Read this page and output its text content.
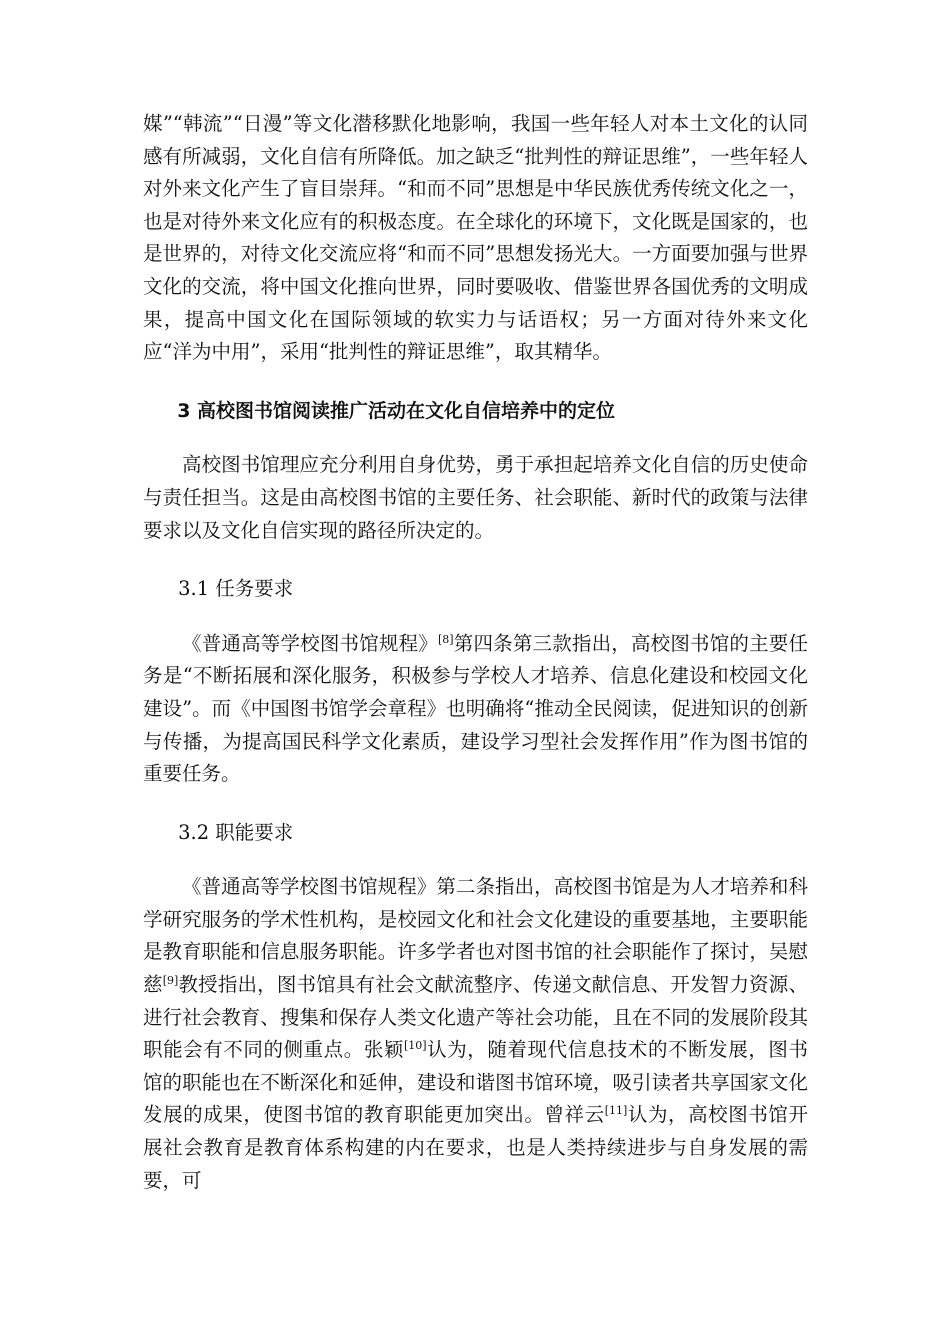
媒”“韩流”“日漫”等文化潜移默化地影响，我国一些年轻人对本土文化的认同感有所减弱，文化自信有所降低。加之缺乏“批判性的辩证思维”，一些年轻人对外来文化产生了盲目崇拜。“和而不同”思想是中华民族优秀传统文化之一，也是对待外来文化应有的积极态度。在全球化的环境下，文化既是国家的，也是世界的，对待文化交流应将“和而不同”思想发扬光大。一方面要加强与世界文化的交流，将中国文化推向世界，同时要吸收、借鉴世界各国优秀的文明成果，提高中国文化在国际领域的软实力与话语权；另一方面对待外来文化应“洋为中用”，采用“批判性的辩证思维”，取其精华。

3 高校图书馆阅读推广活动在文化自信培养中的定位

高校图书馆理应充分利用自身优势，勇于承担起培养文化自信的历史使命与责任担当。这是由高校图书馆的主要任务、社会职能、新时代的政策与法律要求以及文化自信实现的路径所决定的。

3.1 任务要求

《普通高等学校图书馆规程》[8]第四条第三款指出，高校图书馆的主要任务是“不断拓展和深化服务，积极参与学校人才培养、信息化建设和校园文化建设”。而《中国图书馆学会章程》也明确将“推动全民阅读，促进知识的创新与传播，为提高国民科学文化素质，建设学习型社会发挥作用”作为图书馆的重要任务。

3.2 职能要求

《普通高等学校图书馆规程》第二条指出，高校图书馆是为人才培养和科学研究服务的学术性机构，是校园文化和社会文化建设的重要基地，主要职能是教育职能和信息服务职能。许多学者也对图书馆的社会职能作了探讨，吴慰慈[9]教授指出，图书馆具有社会文献流整序、传递文献信息、开发智力资源、进行社会教育、搜集和保存人类文化遗产等社会功能，且在不同的发展阶段其职能会有不同的侧重点。张颖[10]认为，随着现代信息技术的不断发展，图书馆的职能也在不断深化和延伸，建设和谐图书馆环境，吸引读者共享国家文化发展的成果，使图书馆的教育职能更加突出。曾祥云[11]认为，高校图书馆开展社会教育是教育体系构建的内在要求，也是人类持续进步与自身发展的需要，可
